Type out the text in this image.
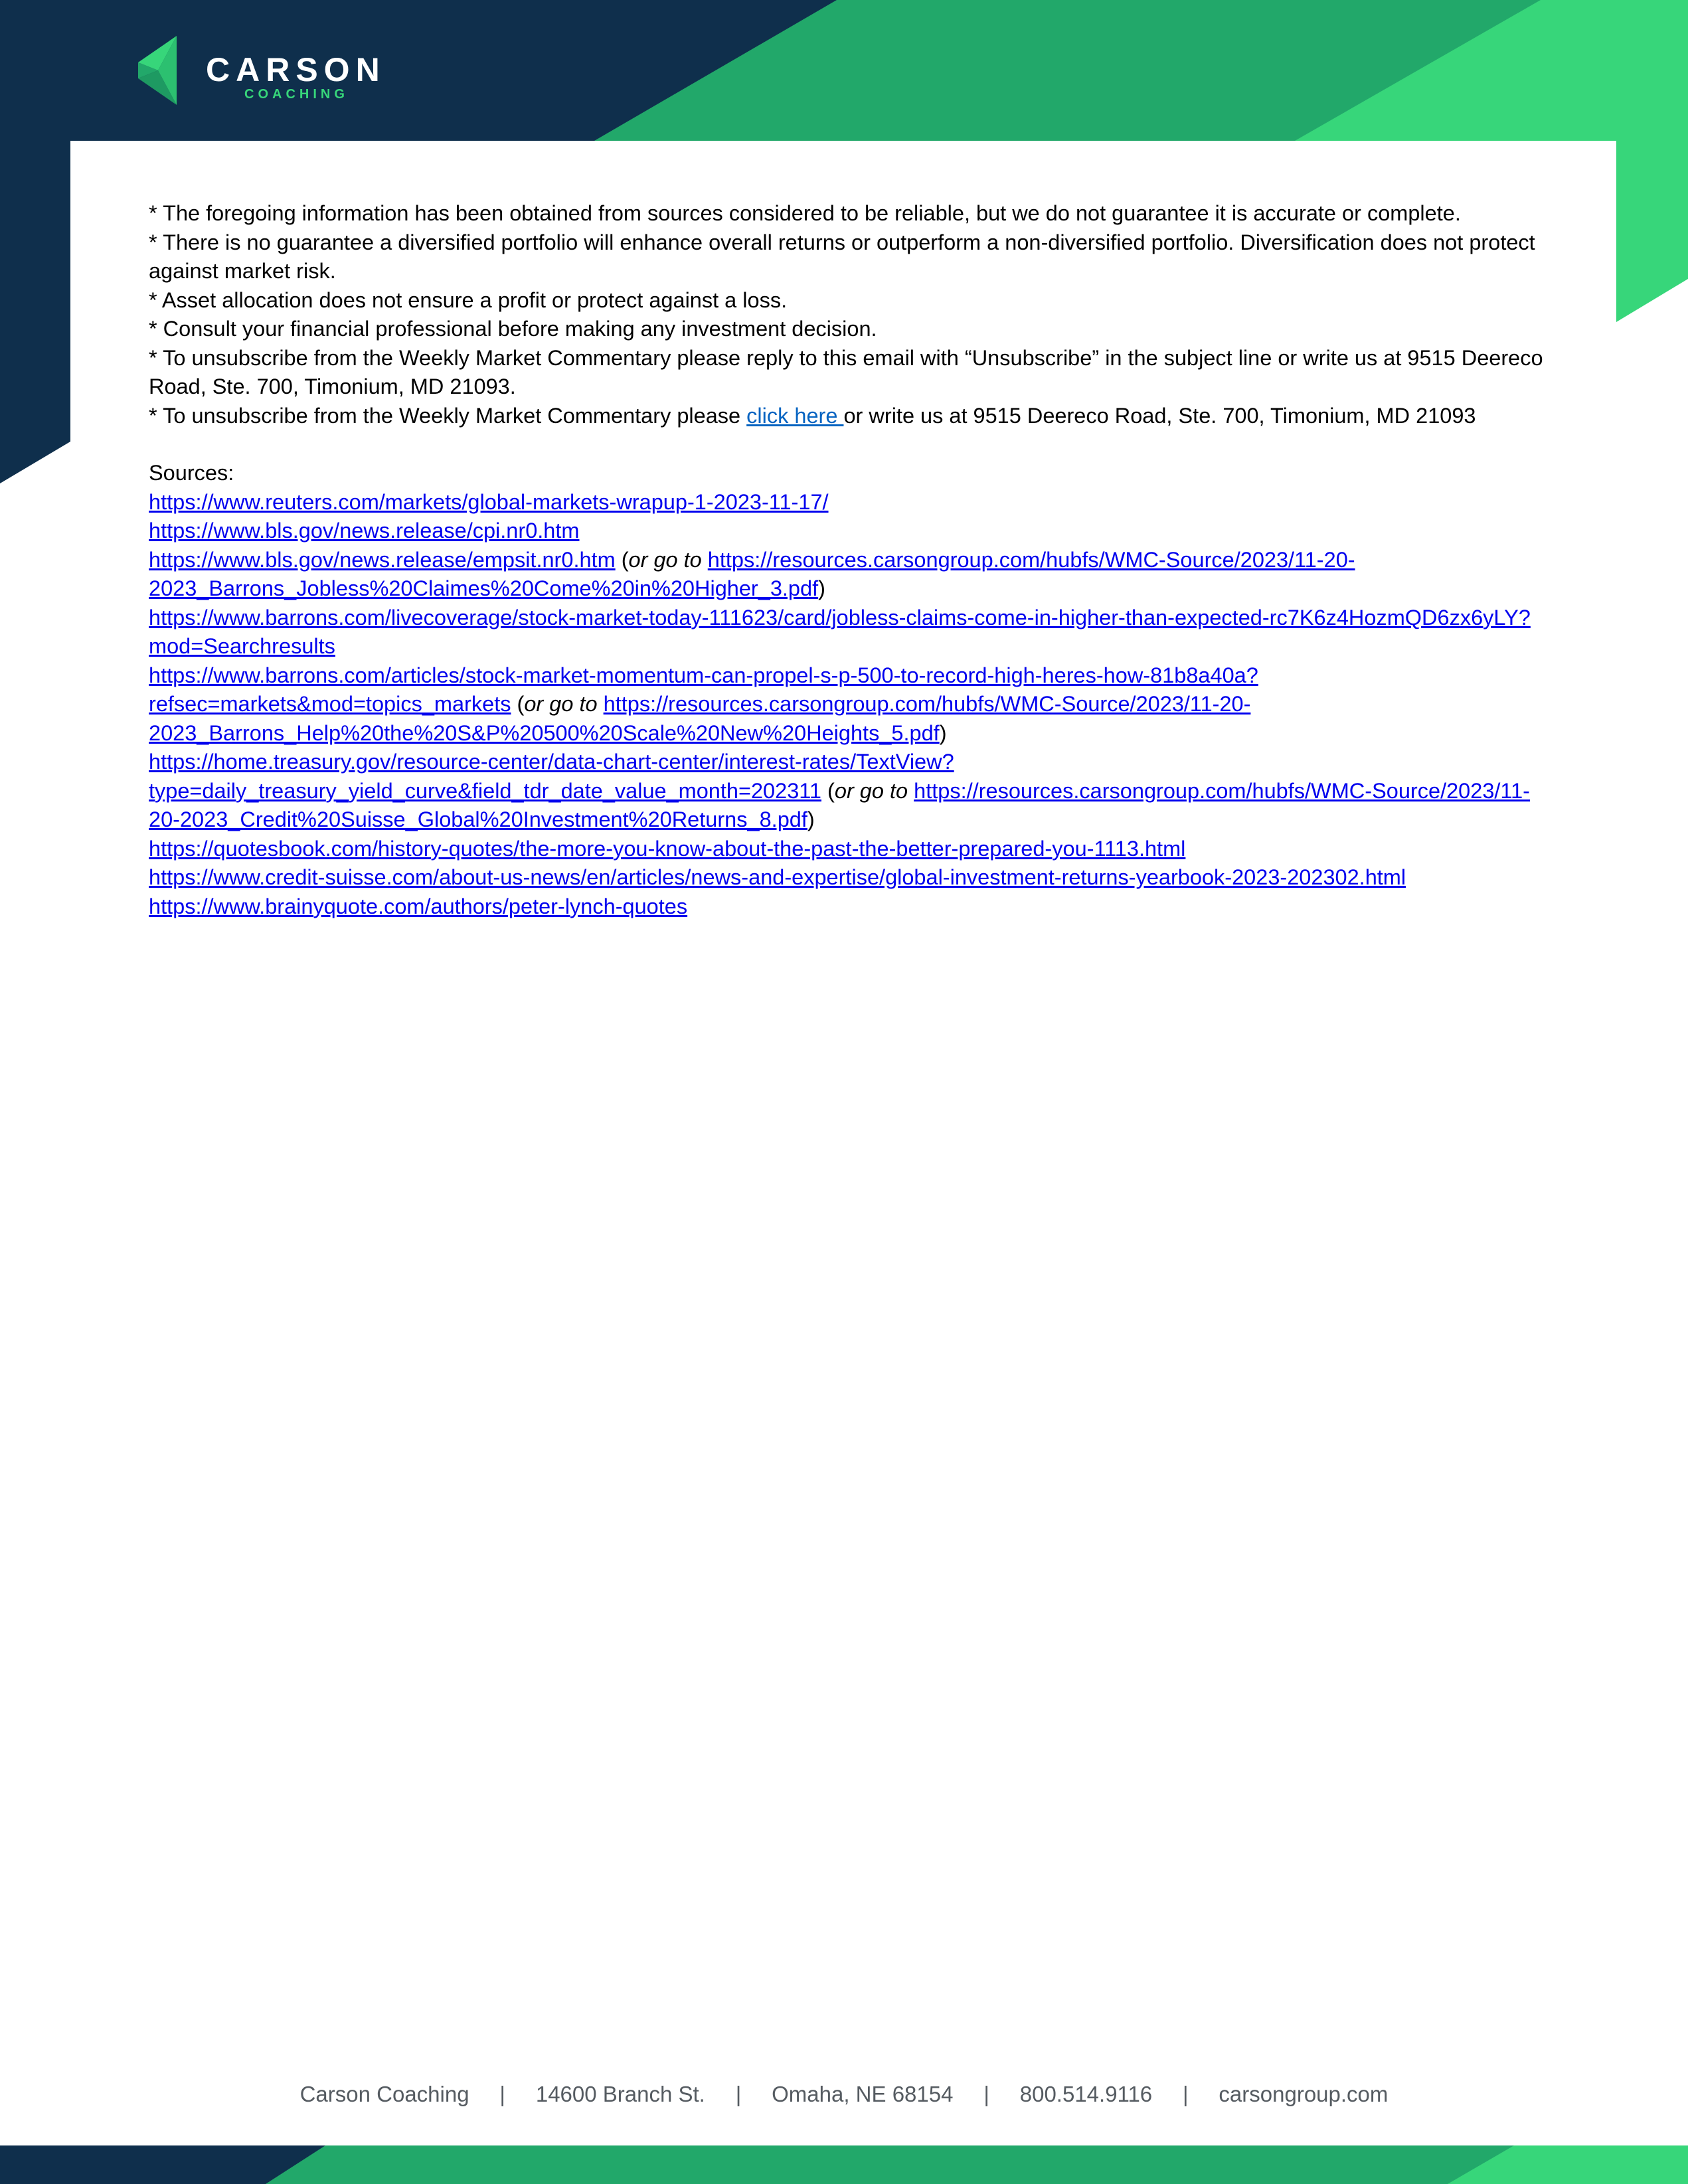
CARSON
COACHING

* The foregoing information has been obtained from sources considered to be reliable, but we do not guarantee it is accurate or complete.

* There is no guarantee a diversified portfolio will enhance overall returns or outperform a non-diversified portfolio. Diversification does not protect against market risk.

* Asset allocation does not ensure a profit or protect against a loss.

* Consult your financial professional before making any investment decision.

* To unsubscribe from the Weekly Market Commentary please reply to this email with “Unsubscribe” in the subject line or write us at 9515 Deereco Road, Ste. 700, Timonium, MD 21093.

* To unsubscribe from the Weekly Market Commentary please click here or write us at 9515 Deereco Road, Ste. 700, Timonium, MD 21093

Sources:

https://www.reuters.com/markets/global-markets-wrapup-1-2023-11-17/

https://www.bls.gov/news.release/cpi.nr0.htm

https://www.bls.gov/news.release/empsit.nr0.htm (or go to https://resources.carsongroup.com/hubfs/WMC-Source/2023/11-20-2023_Barrons_Jobless%20Claimes%20Come%20in%20Higher_3.pdf)

https://www.barrons.com/livecoverage/stock-market-today-111623/card/jobless-claims-come-in-higher-than-expected-rc7K6z4HozmQD6zx6yLY?mod=Searchresults

https://www.barrons.com/articles/stock-market-momentum-can-propel-s-p-500-to-record-high-heres-how-81b8a40a?refsec=markets&mod=topics_markets (or go to https://resources.carsongroup.com/hubfs/WMC-Source/2023/11-20-2023_Barrons_Help%20the%20S&P%20500%20Scale%20New%20Heights_5.pdf)

https://home.treasury.gov/resource-center/data-chart-center/interest-rates/TextView?type=daily_treasury_yield_curve&field_tdr_date_value_month=202311 (or go to https://resources.carsongroup.com/hubfs/WMC-Source/2023/11-20-2023_Credit%20Suisse_Global%20Investment%20Returns_8.pdf)

https://quotesbook.com/history-quotes/the-more-you-know-about-the-past-the-better-prepared-you-1113.html

https://www.credit-suisse.com/about-us-news/en/articles/news-and-expertise/global-investment-returns-yearbook-2023-202302.html

https://www.brainyquote.com/authors/peter-lynch-quotes

Carson Coaching | 14600 Branch St. | Omaha, NE 68154 | 800.514.9116 | carsongroup.com
